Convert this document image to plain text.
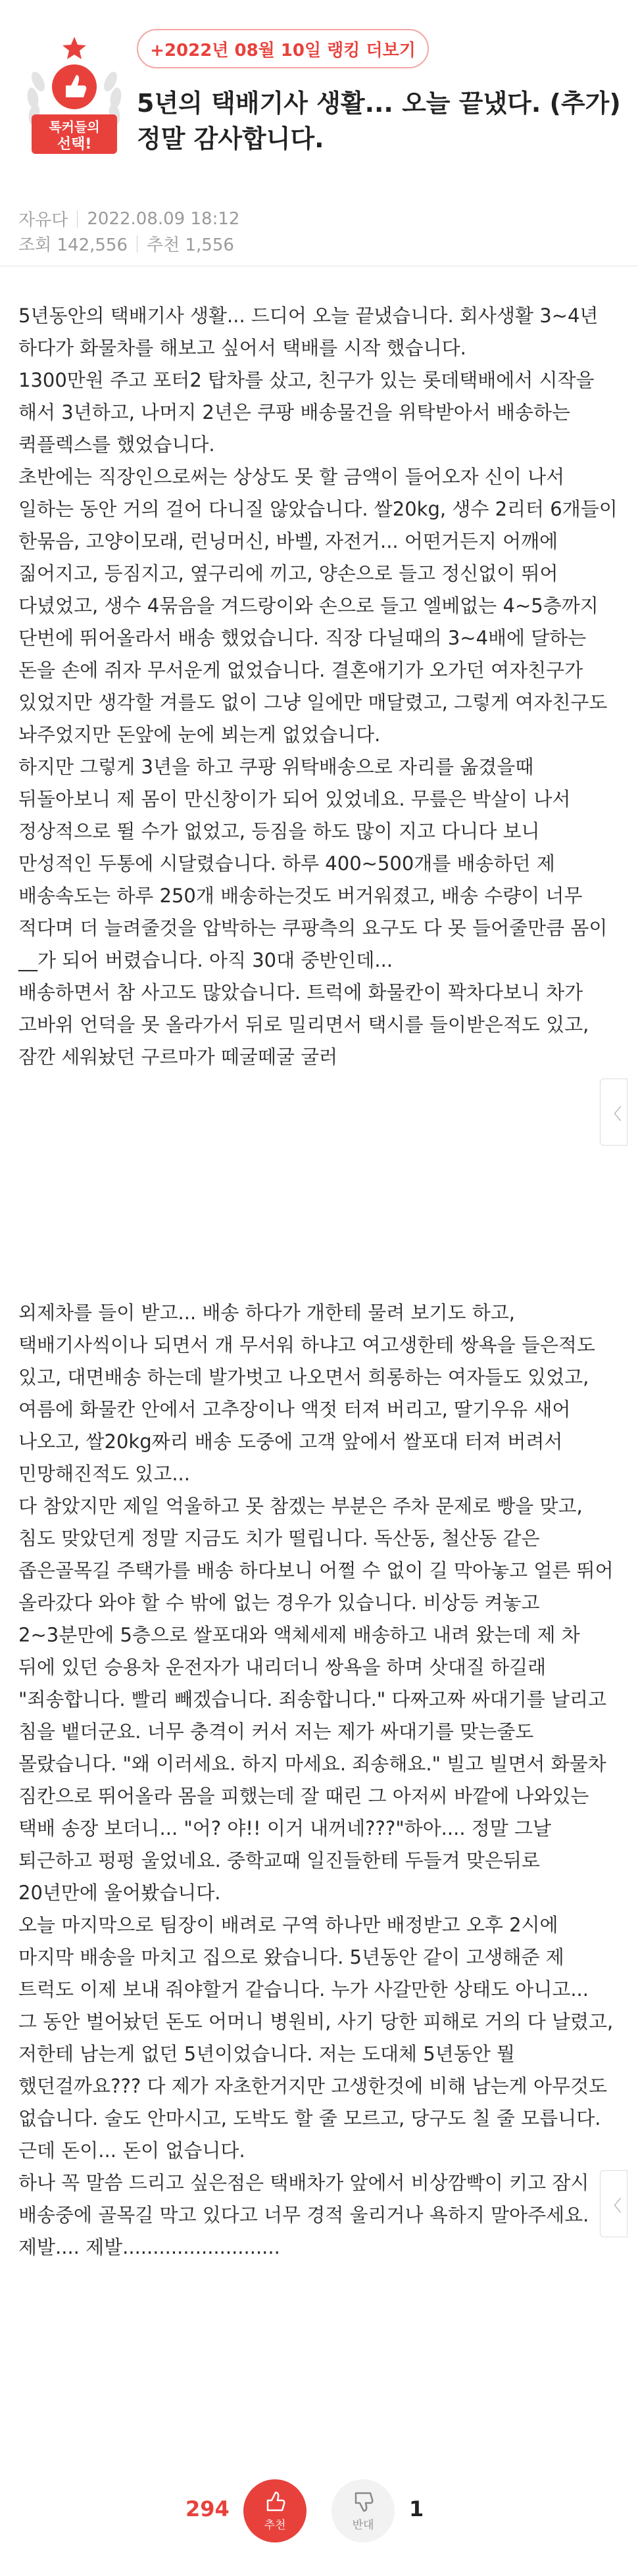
+2022년 08월 10일 랭킹 더보기
톡커들의
선택!
5년의 택배기사 생활... 오늘 끝냈다. (추가) 정말 감사합니다.
자유다 2022.08.09 18:12
조회 142,556 추천 1,556

5년동안의 택배기사 생활... 드디어 오늘 끝냈습니다. 회사생활 3~4년 하다가 화물차를 해보고 싶어서 택배를 시작 했습니다.

1300만원 주고 포터2 탑차를 샀고, 친구가 있는 롯데택배에서 시작을 해서 3년하고, 나머지 2년은 쿠팡 배송물건을 위탁받아서 배송하는 퀵플렉스를 했었습니다.

초반에는 직장인으로써는 상상도 못 할 금액이 들어오자 신이 나서 일하는 동안 거의 걸어 다니질 않았습니다. 쌀20kg, 생수 2리터 6개들이 한묶음, 고양이모래, 런닝머신, 바벨, 자전거... 어떤거든지 어깨에 짊어지고, 등짐지고, 옆구리에 끼고, 양손으로 들고 정신없이 뛰어 다녔었고, 생수 4묶음을 겨드랑이와 손으로 들고 엘베없는 4~5층까지 단번에 뛰어올라서 배송 했었습니다. 직장 다닐때의 3~4배에 달하는 돈을 손에 쥐자 무서운게 없었습니다. 결혼애기가 오가던 여자친구가 있었지만 생각할 겨를도 없이 그냥 일에만 매달렸고, 그렇게 여자친구도 놔주었지만 돈앞에 눈에 뵈는게 없었습니다.

하지만 그렇게 3년을 하고 쿠팡 위탁배송으로 자리를 옮겼을때 뒤돌아보니 제 몸이 만신창이가 되어 있었네요. 무릎은 박살이 나서 정상적으로 뛸 수가 없었고, 등짐을 하도 많이 지고 다니다 보니 만성적인 두통에 시달렸습니다. 하루 400~500개를 배송하던 제 배송속도는 하루 250개 배송하는것도 버거워졌고, 배송 수량이 너무 적다며 더 늘려줄것을 압박하는 쿠팡측의 요구도 다 못 들어줄만큼 몸이 __가 되어 버렸습니다. 아직 30대 중반인데...

배송하면서 참 사고도 많았습니다. 트럭에 화물칸이 꽉차다보니 차가 고바위 언덕을 못 올라가서 뒤로 밀리면서 택시를 들이받은적도 있고, 잠깐 세워놨던 구르마가 떼굴떼굴 굴러

〈

외제차를 들이 받고... 배송 하다가 개한테 물려 보기도 하고, 택배기사씩이나 되면서 개 무서워 하냐고 여고생한테 쌍욕을 들은적도 있고, 대면배송 하는데 발가벗고 나오면서 희롱하는 여자들도 있었고, 여름에 화물칸 안에서 고추장이나 액젓 터져 버리고, 딸기우유 새어 나오고, 쌀20kg짜리 배송 도중에 고객 앞에서 쌀포대 터져 버려서 민망해진적도 있고...

다 참았지만 제일 억울하고 못 참겠는 부분은 주차 문제로 빵을 맞고, 침도 맞았던게 정말 지금도 치가 떨립니다. 독산동, 철산동 같은 좁은골목길 주택가를 배송 하다보니 어쩔 수 없이 길 막아놓고 얼른 뛰어 올라갔다 와야 할 수 밖에 없는 경우가 있습니다. 비상등 켜놓고 2~3분만에 5층으로 쌀포대와 액체세제 배송하고 내려 왔는데 제 차 뒤에 있던 승용차 운전자가 내리더니 쌍욕을 하며 삿대질 하길래 "죄송합니다. 빨리 빼겠습니다. 죄송합니다." 다짜고짜 싸대기를 날리고 침을 뱉더군요. 너무 충격이 커서 저는 제가 싸대기를 맞는줄도 몰랐습니다. "왜 이러세요. 하지 마세요. 죄송해요." 빌고 빌면서 화물차 짐칸으로 뛰어올라 몸을 피했는데 잘 때린 그 아저씨 바깥에 나와있는 택배 송장 보더니... "어? 야!! 이거 내꺼네???"하아.... 정말 그날 퇴근하고 펑펑 울었네요. 중학교때 일진들한테 두들겨 맞은뒤로 20년만에 울어봤습니다.

오늘 마지막으로 팀장이 배려로 구역 하나만 배정받고 오후 2시에 마지막 배송을 마치고 집으로 왔습니다. 5년동안 같이 고생해준 제 트럭도 이제 보내 줘야할거 같습니다. 누가 사갈만한 상태도 아니고...

그 동안 벌어놨던 돈도 어머니 병원비, 사기 당한 피해로 거의 다 날렸고, 저한테 남는게 없던 5년이었습니다. 저는 도대체 5년동안 뭘 했던걸까요??? 다 제가 자초한거지만 고생한것에 비해 남는게 아무것도 없습니다. 술도 안마시고, 도박도 할 줄 모르고, 당구도 칠 줄 모릅니다. 근데 돈이... 돈이 없습니다.

하나 꼭 말씀 드리고 싶은점은 택배차가 앞에서 비상깜빡이 키고 잠시 배송중에 골목길 막고 있다고 너무 경적 울리거나 욕하지 말아주세요. 제발.... 제발..........................

〈
294
추천	반대
1
